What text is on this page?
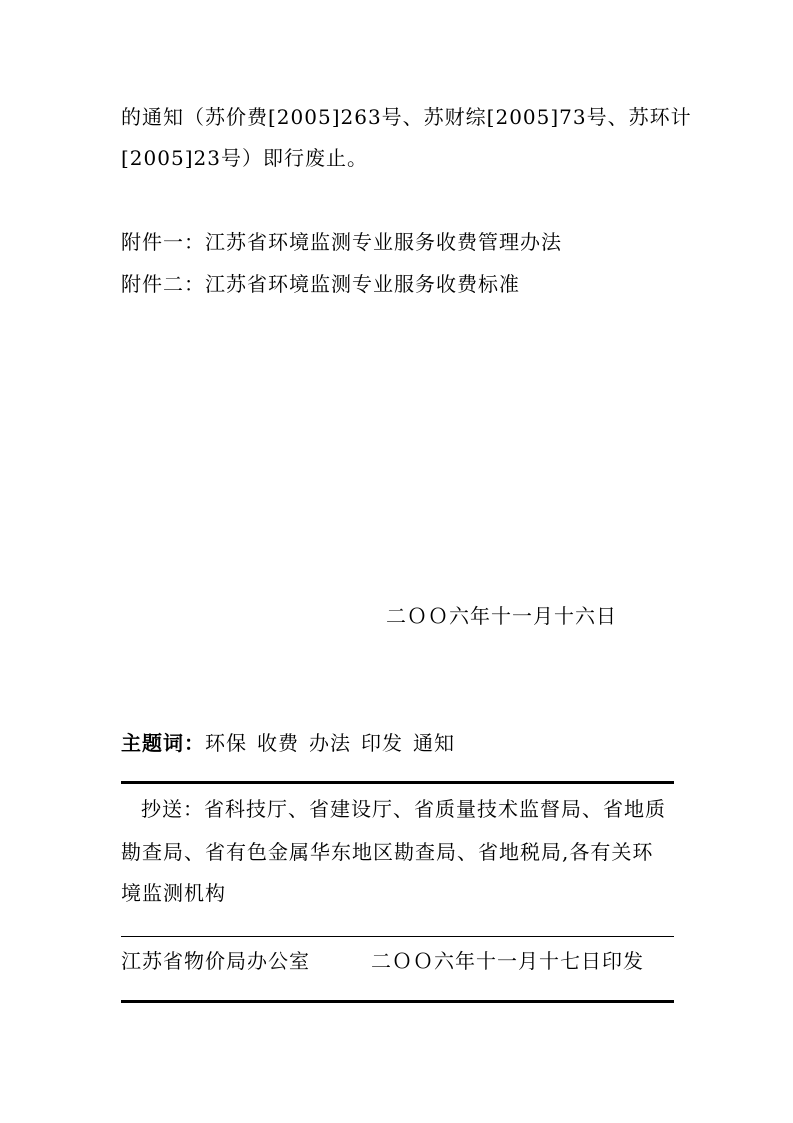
的通知（苏价费[2005]263号、苏财综[2005]73号、苏环计
[2005]23号）即行废止。
附件一：江苏省环境监测专业服务收费管理办法
附件二：江苏省环境监测专业服务收费标准
二ＯＯ六年十一月十六日
主题词：环保 收费 办法 印发 通知
抄送：省科技厅、省建设厅、省质量技术监督局、省地质
勘查局、省有色金属华东地区勘查局、省地税局,各有关环
境监测机构
江苏省物价局办公室	二ＯＯ六年十一月十七日印发
